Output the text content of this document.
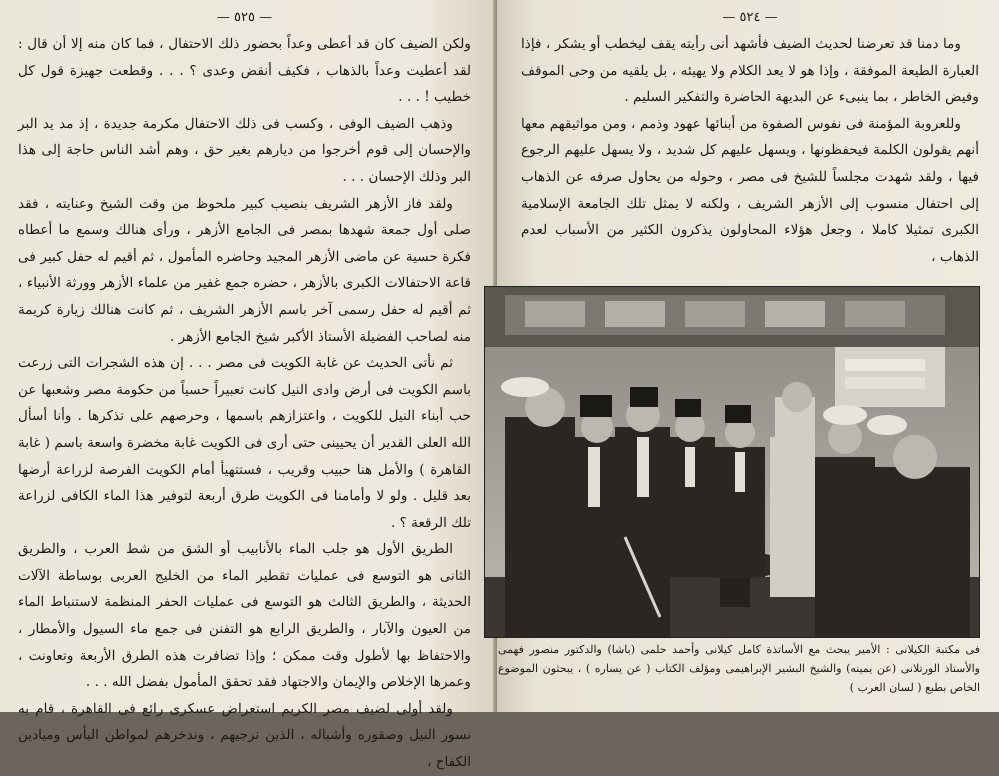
— ٥٢٥ —

ولكن الضيف كان قد أعطى وعداً بحضور ذلك الاحتفال ، فما كان منه إلا أن قال : لقد أعطيت وعداً بالذهاب ، فكيف أنقض وعدى ؟ . . . وقطعت جهيزة قول كل خطيب ! . . .

وذهب الضيف الوفى ، وكسب فى ذلك الاحتفال مكرمة جديدة ، إذ مد يد البر والإحسان إلى قوم أخرجوا من ديارهم بغير حق ، وهم أشد الناس حاجة إلى هذا البر وذلك الإحسان . . .

ولقد فاز الأزهر الشريف بنصيب كبير ملحوظ من وقت الشيخ وعنايته ، فقد صلى أول جمعة شهدها بمصر فى الجامع الأزهر ، ورأى هنالك وسمع ما أعطاه فكرة حسية عن ماضى الأزهر المجيد وحاضره المأمول ، ثم أقيم له حفل كبير فى قاعة الاحتفالات الكبرى بالأزهر ، حضره جمع غفير من علماء الأزهر وورثة الأنبياء ، ثم أقيم له حفل رسمى آخر باسم الأزهر الشريف ، ثم كانت هنالك زيارة كريمة منه لصاحب الفضيلة الأستاذ الأكبر شيخ الجامع الأزهر .

ثم نأتى الحديث عن غابة الكويت فى مصر . . . إن هذه الشجرات التى زرعت باسم الكويت فى أرض وادى النيل كانت تعبيراً حسياً من حكومة مصر وشعبها عن حب أبناء النيل للكويت ، واعتزازهم باسمها ، وحرصهم على تذكرها . وأنا أسأل الله العلى القدير أن يحيينى حتى أرى فى الكويت غابة مخضرة واسعة باسم ( غابة القاهرة ) والأمل هنا حبيب وقريب ، فستتهيأ أمام الكويت الفرصة لزراعة أرضها بعد قليل . ولو لا وأمامنا فى الكويت طرق أربعة لتوفير هذا الماء الكافى لزراعة تلك الرقعة ؟ .

الطريق الأول هو جلب الماء بالأنابيب أو الشق من شط العرب ، والطريق الثانى هو التوسع فى عمليات تقطير الماء من الخليج العربى بوساطة الآلات الحديثة ، والطريق الثالث هو التوسع فى عمليات الحفر المنظمة لاستنباط الماء من العيون والآبار ، والطريق الرابع هو التفنن فى جمع ماء السيول والأمطار ، والاحتفاظ بها لأطول وقت ممكن ؛ وإذا تضافرت هذه الطرق الأربعة وتعاونت ، وعمرها الإخلاص والإيمان والاجتهاد فقد تحقق المأمول بفضل الله . . .

ولقد أولى لضيف مصر الكريم استعراض عسكرى رائع فى القاهرة ، قام به نسور النيل وصقوره وأشباله ، الذين نرجيهم ، وندخرهم لمواطن البأس وميادين الكفاح ،

— ٥٢٤ —

وما دمنا قد تعرضنا لحديث الضيف فأشهد أنى رأيته يقف ليخطب أو يشكر ، فإذا العبارة الطيعة الموفقة ، وإذا هو لا يعد الكلام ولا يهيئه ، بل يلقيه من وحى الموقف وفيض الخاطر ، بما ينبىء عن البديهة الحاضرة والتفكير السليم .

وللعروبة المؤمنة فى نفوس الصفوة من أبنائها عهود وذمم ، ومن مواثيقهم معها أنهم يقولون الكلمة فيحفظونها ، ويسهل عليهم كل شديد ، ولا يسهل عليهم الرجوع فيها ، ولقد شهدت مجلساً للشيخ فى مصر ، وحوله من يحاول صرفه عن الذهاب إلى احتفال منسوب إلى الأزهر الشريف ، ولكنه لا يمثل تلك الجامعة الإسلامية الكبرى تمثيلا كاملا ، وجعل هؤلاء المحاولون يذكرون الكثير من الأسباب لعدم الذهاب ،

فى مكتبة الكيلانى : الأمير يبحث مع الأساتذة كامل كيلانى وأحمد حلمى (باشا) والدكتور منصور فهمى والأستاذ الورتلانى (عن يمينه) والشيخ البشير الإبراهيمى ومؤلف الكتاب ( عن يساره ) ، يبحثون الموضوع الخاص بطبع ( لسان العرب )
